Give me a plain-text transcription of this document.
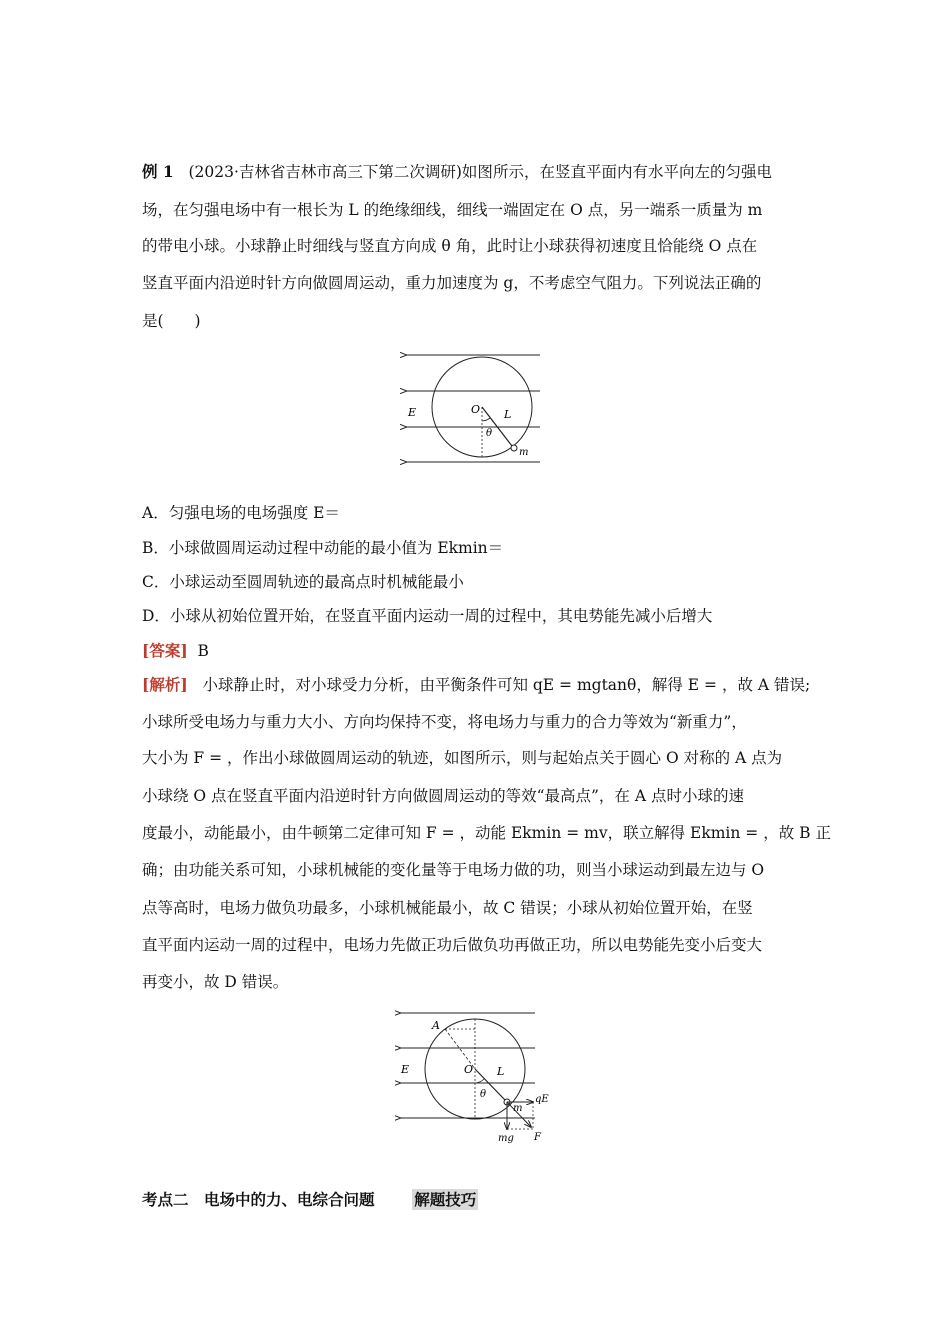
例 1 (2023·吉林省吉林市高三下第二次调研)如图所示，在竖直平面内有水平向左的匀强电
场，在匀强电场中有一根长为 L 的绝缘细线，细线一端固定在 O 点，另一端系一质量为 m
的带电小球。小球静止时细线与竖直方向成 θ 角，此时让小球获得初速度且恰能绕 O 点在
竖直平面内沿逆时针方向做圆周运动，重力加速度为 g，不考虑空气阻力。下列说法正确的
是(　　)
E	O L
θ
m
A．匀强电场的电场强度 E＝
B．小球做圆周运动过程中动能的最小值为 Ekmin＝
C．小球运动至圆周轨迹的最高点时机械能最小
D．小球从初始位置开始，在竖直平面内运动一周的过程中，其电势能先减小后增大
[答案] B
[解析] 小球静止时，对小球受力分析，由平衡条件可知 qE = mgtanθ，解得 E = ，故 A 错误;
小球所受电场力与重力大小、方向均保持不变，将电场力与重力的合力等效为“新重力”，
大小为 F = ，作出小球做圆周运动的轨迹，如图所示，则与起始点关于圆心 O 对称的 A 点为
小球绕 O 点在竖直平面内沿逆时针方向做圆周运动的等效“最高点”，在 A 点时小球的速
度最小，动能最小，由牛顿第二定律可知 F = ，动能 Ekmin = mv，联立解得 Ekmin = ，故 B 正
确；由功能关系可知，小球机械能的变化量等于电场力做的功，则当小球运动到最左边与 O
点等高时，电场力做负功最多，小球机械能最小，故 C 错误；小球从初始位置开始，在竖
直平面内运动一周的过程中，电场力先做正功后做负功再做正功，所以电势能先变小后变大
再变小，故 D 错误。
A
E	O L
θ
m
qE
mg F
考点二　电场中的力、电综合问题	解题技巧
